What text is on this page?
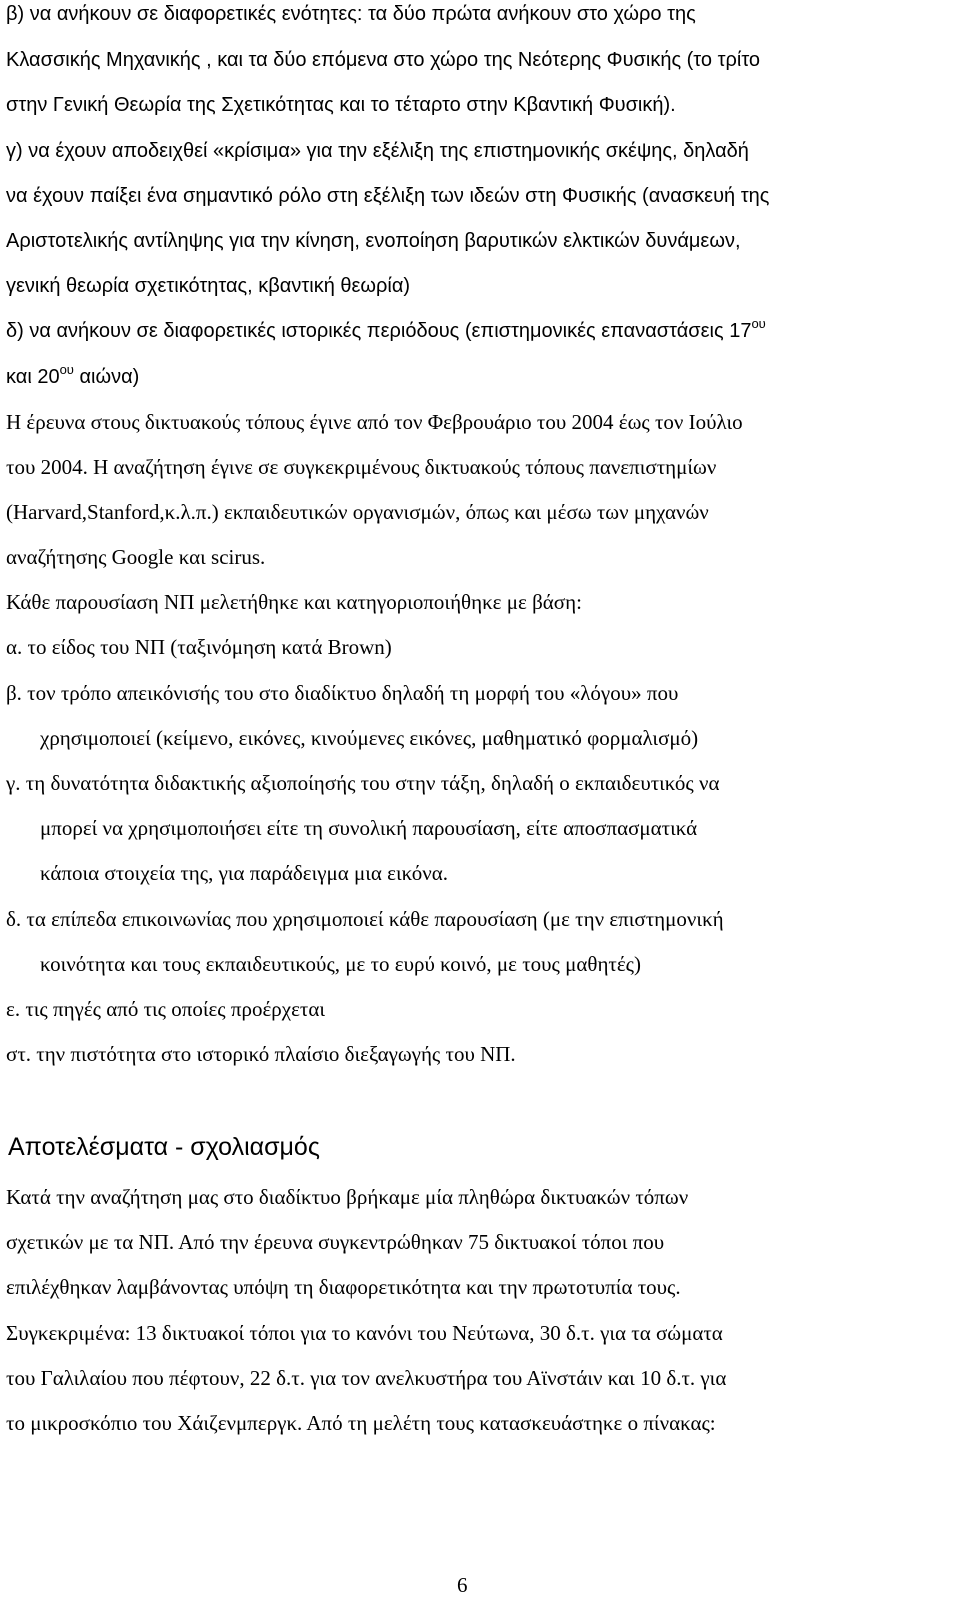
β) να ανήκουν σε διαφορετικές ενότητες: τα δύο πρώτα ανήκουν στο χώρο της
Κλασσικής Μηχανικής , και τα δύο επόμενα στο χώρο της Νεότερης Φυσικής (το τρίτο
στην Γενική Θεωρία της Σχετικότητας και το τέταρτο στην Κβαντική Φυσική).
γ) να έχουν αποδειχθεί «κρίσιμα» για την εξέλιξη της επιστημονικής σκέψης, δηλαδή
να έχουν παίξει ένα σημαντικό ρόλο στη εξέλιξη των ιδεών στη Φυσικής (ανασκευή της
Αριστοτελικής αντίληψης για την κίνηση, ενοποίηση βαρυτικών ελκτικών δυνάμεων,
γενική θεωρία σχετικότητας, κβαντική θεωρία)
δ) να ανήκουν σε διαφορετικές ιστορικές περιόδους (επιστημονικές επαναστάσεις $17^{o\upsilon}$
και $20^{o\upsilon}$ αιώνα)
Η έρευνα στους δικτυακούς τόπους έγινε από τον Φεβρουάριο του 2004 έως τον Ιούλιο
του 2004. Η αναζήτηση έγινε σε συγκεκριμένους δικτυακούς τόπους πανεπιστημίων
(Harvard,Stanford,κ.λ.π.) εκπαιδευτικών οργανισμών, όπως και μέσω των μηχανών
αναζήτησης Google και scirus.
Κάθε παρουσίαση ΝΠ μελετήθηκε και κατηγοριοποιήθηκε με βάση:
α. το είδος του ΝΠ (ταξινόμηση κατά Brown)
β. τον τρόπο απεικόνισής του στο διαδίκτυο δηλαδή τη μορφή του «λόγου» που
χρησιμοποιεί (κείμενο, εικόνες, κινούμενες εικόνες, μαθηματικό φορμαλισμό)
γ. τη δυνατότητα διδακτικής αξιοποίησής του στην τάξη, δηλαδή ο εκπαιδευτικός να
μπορεί να χρησιμοποιήσει είτε τη συνολική παρουσίαση, είτε αποσπασματικά
κάποια στοιχεία της, για παράδειγμα μια εικόνα.
δ. τα επίπεδα επικοινωνίας που χρησιμοποιεί κάθε παρουσίαση (με την επιστημονική
κοινότητα και τους εκπαιδευτικούς, με το ευρύ κοινό, με τους μαθητές)
ε. τις πηγές από τις οποίες προέρχεται
στ. την πιστότητα στο ιστορικό πλαίσιο διεξαγωγής του ΝΠ.
Αποτελέσματα - σχολιασμός
Κατά την αναζήτηση μας στο διαδίκτυο βρήκαμε μία πληθώρα δικτυακών τόπων
σχετικών με τα ΝΠ. Από την έρευνα συγκεντρώθηκαν 75 δικτυακοί τόποι που
επιλέχθηκαν λαμβάνοντας υπόψη τη διαφορετικότητα και την πρωτοτυπία τους.
Συγκεκριμένα: 13 δικτυακοί τόποι για το κανόνι του Νεύτωνα, 30 δ.τ. για τα σώματα
του Γαλιλαίου που πέφτουν, 22 δ.τ. για τον ανελκυστήρα του Αϊνστάιν και 10 δ.τ. για
το μικροσκόπιο του Χάιζενμπεργκ. Από τη μελέτη τους κατασκευάστηκε ο πίνακας:
6
